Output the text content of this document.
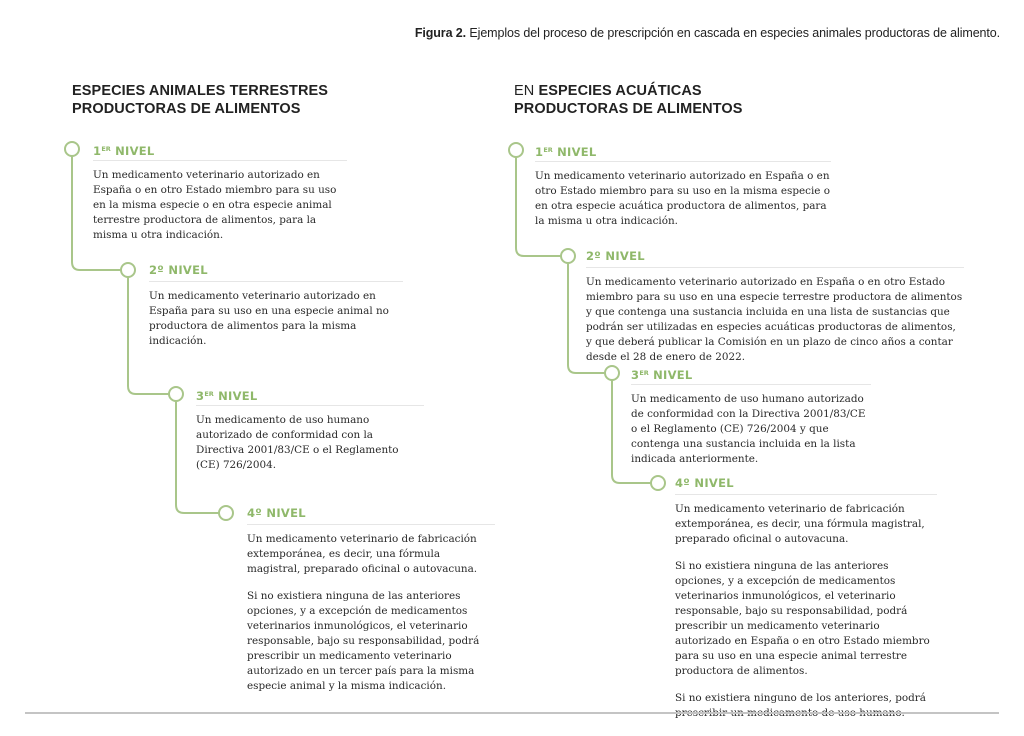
Figura 2. Ejemplos del proceso de prescripción en cascada en especies animales productoras de alimento.
ESPECIES ANIMALES TERRESTRES
PRODUCTORAS DE ALIMENTOS
1ER NIVEL

Un medicamento veterinario autorizado en España o en otro Estado miembro para su uso en la misma especie o en otra especie animal terrestre productora de alimentos, para la misma u otra indicación.

2º NIVEL

Un medicamento veterinario autorizado en España para su uso en una especie animal no productora de alimentos para la misma indicación.

3ER NIVEL

Un medicamento de uso humano autorizado de conformidad con la Directiva 2001/83/CE o el Reglamento (CE) 726/2004.

4º NIVEL

Un medicamento veterinario de fabricación extemporánea, es decir, una fórmula magistral, preparado oficinal o autovacuna.

Si no existiera ninguna de las anteriores opciones, y a excepción de medicamentos veterinarios inmunológicos, el veterinario responsable, bajo su responsabilidad, podrá prescribir un medicamento veterinario autorizado en un tercer país para la misma especie animal y la misma indicación.

EN ESPECIES ACUÁTICAS
PRODUCTORAS DE ALIMENTOS
1ER NIVEL

Un medicamento veterinario autorizado en España o en otro Estado miembro para su uso en la misma especie o en otra especie acuática productora de alimentos, para la misma u otra indicación.

2º NIVEL

Un medicamento veterinario autorizado en España o en otro Estado miembro para su uso en una especie terrestre productora de alimentos y que contenga una sustancia incluida en una lista de sustancias que podrán ser utilizadas en especies acuáticas productoras de alimentos, y que deberá publicar la Comisión en un plazo de cinco años a contar desde el 28 de enero de 2022.

3ER NIVEL

Un medicamento de uso humano autorizado de conformidad con la Directiva 2001/83/CE o el Reglamento (CE) 726/2004 y que contenga una sustancia incluida en la lista indicada anteriormente.

4º NIVEL

Un medicamento veterinario de fabricación extemporánea, es decir, una fórmula magistral, preparado oficinal o autovacuna.

Si no existiera ninguna de las anteriores opciones, y a excepción de medicamentos veterinarios inmunológicos, el veterinario responsable, bajo su responsabilidad, podrá prescribir un medicamento veterinario autorizado en España o en otro Estado miembro para su uso en una especie animal terrestre productora de alimentos.

Si no existiera ninguno de los anteriores, podrá
